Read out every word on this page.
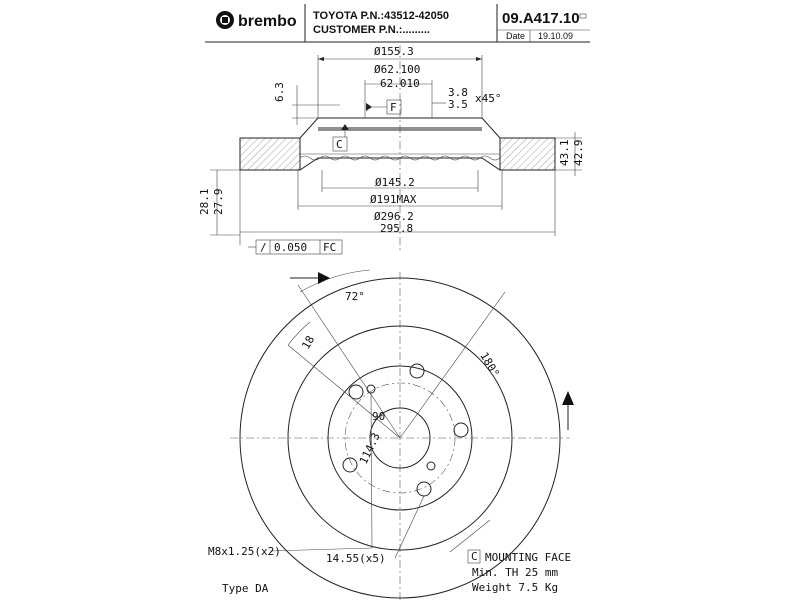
brembo TOYOTA P.N.:43512-42050
CUSTOMER P.N.:.........
09.A417.10
Date 19.10.09
Ø155.3
Ø62.100
62.010
3.8
3.5 x45°
6.3
F
C	43.1 42.9
28.1 27.9
Ø145.2
Ø191MAX
Ø296.2
295.8
/ 0.050 FC
72°
18
180°
90
114.3
M8x1.25(x2)
14.55(x5)	C MOUNTING FACE
Min. TH 25 mm
Weight 7.5 Kg
Type DA
